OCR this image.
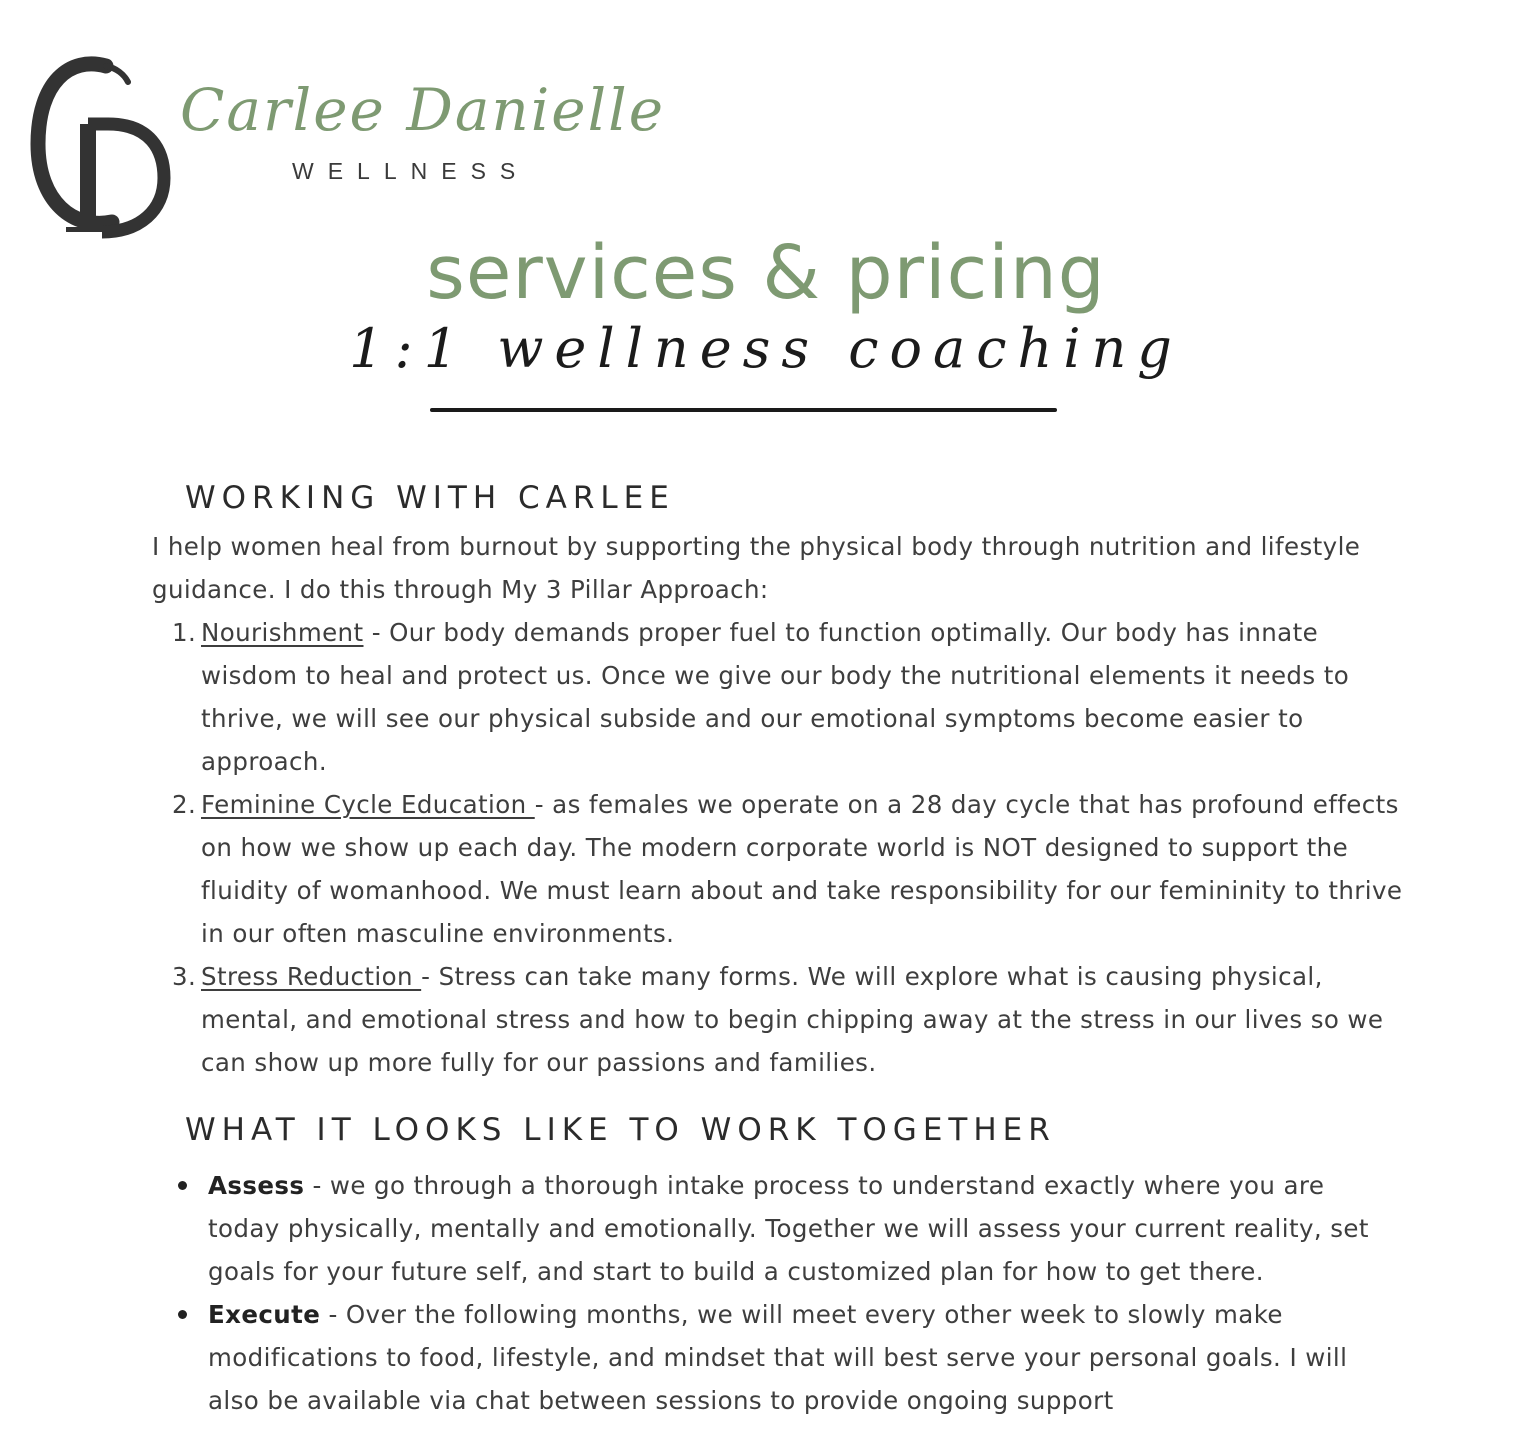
Carlee Danielle
WELLNESS
services & pricing
1:1 wellness coaching
WORKING WITH CARLEE

I help women heal from burnout by supporting the physical body through nutrition and lifestyle guidance. I do this through My 3 Pillar Approach:

1. Nourishment - Our body demands proper fuel to function optimally. Our body has innate wisdom to heal and protect us. Once we give our body the nutritional elements it needs to thrive, we will see our physical subside and our emotional symptoms become easier to approach.
2. Feminine Cycle Education - as females we operate on a 28 day cycle that has profound effects on how we show up each day. The modern corporate world is NOT designed to support the fluidity of womanhood. We must learn about and take responsibility for our femininity to thrive in our often masculine environments.
3. Stress Reduction - Stress can take many forms. We will explore what is causing physical, mental, and emotional stress and how to begin chipping away at the stress in our lives so we can show up more fully for our passions and families.
WHAT IT LOOKS LIKE TO WORK TOGETHER
Assess - we go through a thorough intake process to understand exactly where you are today physically, mentally and emotionally. Together we will assess your current reality, set goals for your future self, and start to build a customized plan for how to get there.
Execute - Over the following months, we will meet every other week to slowly make modifications to food, lifestyle, and mindset that will best serve your personal goals. I will also be available via chat between sessions to provide ongoing support
